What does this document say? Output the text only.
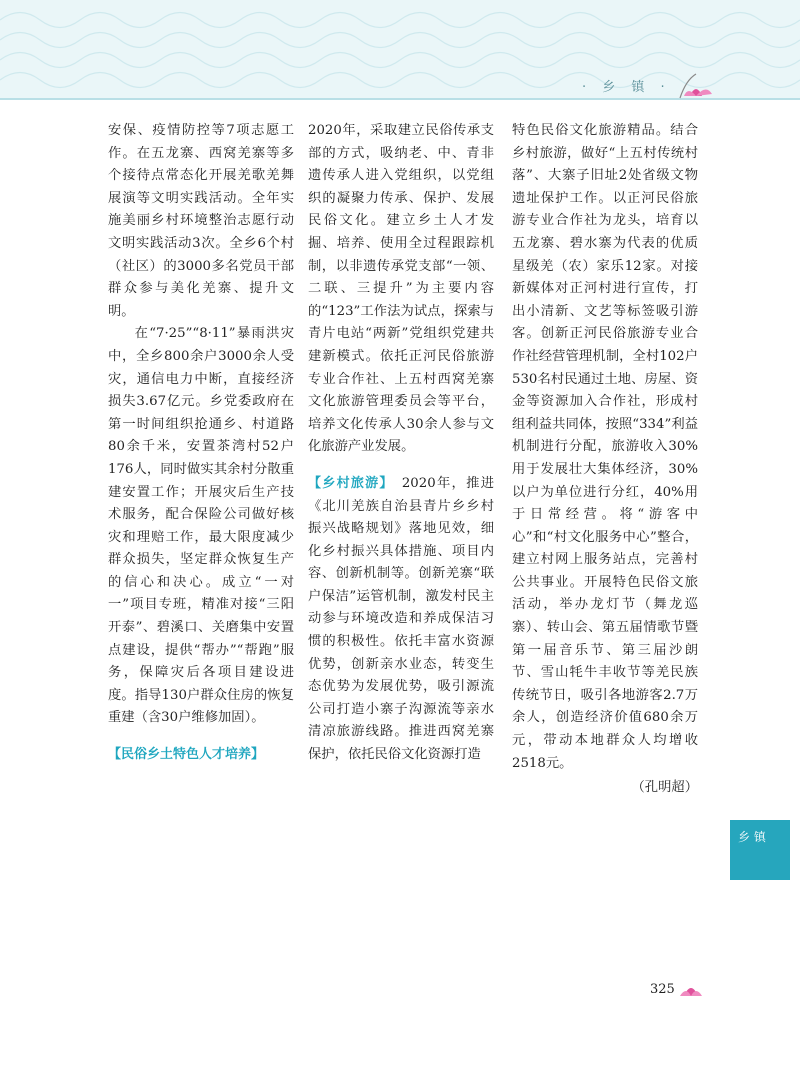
· 乡 镇 ·

安保、疫情防控等7项志愿工作。在五龙寨、西窝羌寨等多个接待点常态化开展羌歌羌舞展演等文明实践活动。全年实施美丽乡村环境整治志愿行动文明实践活动3次。全乡6个村（社区）的3000多名党员干部群众参与美化羌寨、提升文明。

在“7·25”“8·11”暴雨洪灾中，全乡800余户3000余人受灾，通信电力中断，直接经济损失3.67亿元。乡党委政府在第一时间组织抢通乡、村道路80余千米，安置茶湾村52户176人，同时做实其余村分散重建安置工作；开展灾后生产技术服务，配合保险公司做好核灾和理赔工作，最大限度减少群众损失，坚定群众恢复生产的信心和决心。成立“一对一”项目专班，精准对接“三阳开泰”、碧溪口、关磨集中安置点建设，提供“帮办”“帮跑”服务，保障灾后各项目建设进度。指导130户群众住房的恢复重建（含30户维修加固）。

【民俗乡土特色人才培养】

2020年，采取建立民俗传承支部的方式，吸纳老、中、青非遗传承人进入党组织，以党组织的凝聚力传承、保护、发展民俗文化。建立乡土人才发掘、培养、使用全过程跟踪机制，以非遗传承党支部“一领、二联、三提升”为主要内容的“123”工作法为试点，探索与青片电站“两新”党组织党建共建新模式。依托正河民俗旅游专业合作社、上五村西窝羌寨文化旅游管理委员会等平台，培养文化传承人30余人参与文化旅游产业发展。

【乡村旅游】　 2020年，推进《北川羌族自治县青片乡乡村振兴战略规划》落地见效，细化乡村振兴具体措施、项目内容、创新机制等。创新羌寨“联户保洁”运管机制，激发村民主动参与环境改造和养成保洁习惯的积极性。依托丰富水资源优势，创新亲水业态，转变生态优势为发展优势，吸引源流公司打造小寨子沟源流等亲水清凉旅游线路。推进西窝羌寨保护，依托民俗文化资源打造

特色民俗文化旅游精品。结合乡村旅游，做好“上五村传统村落”、大寨子旧址2处省级文物遗址保护工作。以正河民俗旅游专业合作社为龙头，培育以五龙寨、碧水寨为代表的优质星级羌（农）家乐12家。对接新媒体对正河村进行宣传，打出小清新、文艺等标签吸引游客。创新正河民俗旅游专业合作社经营管理机制，全村102户530名村民通过土地、房屋、资金等资源加入合作社，形成村组利益共同体，按照“334”利益机制进行分配，旅游收入30%用于发展壮大集体经济，30%以户为单位进行分红，40%用于日常经营。将“游客中心”和“村文化服务中心”整合，建立村网上服务站点，完善村公共事业。开展特色民俗文旅活动，举办龙灯节（舞龙巡寨）、转山会、第五届情歌节暨第一届音乐节、第三届沙朗节、雪山牦牛丰收节等羌民族传统节日，吸引各地游客2.7万余人，创造经济价值680余万元，带动本地群众人均增收2518元。

（孔明超）
乡 镇
325
